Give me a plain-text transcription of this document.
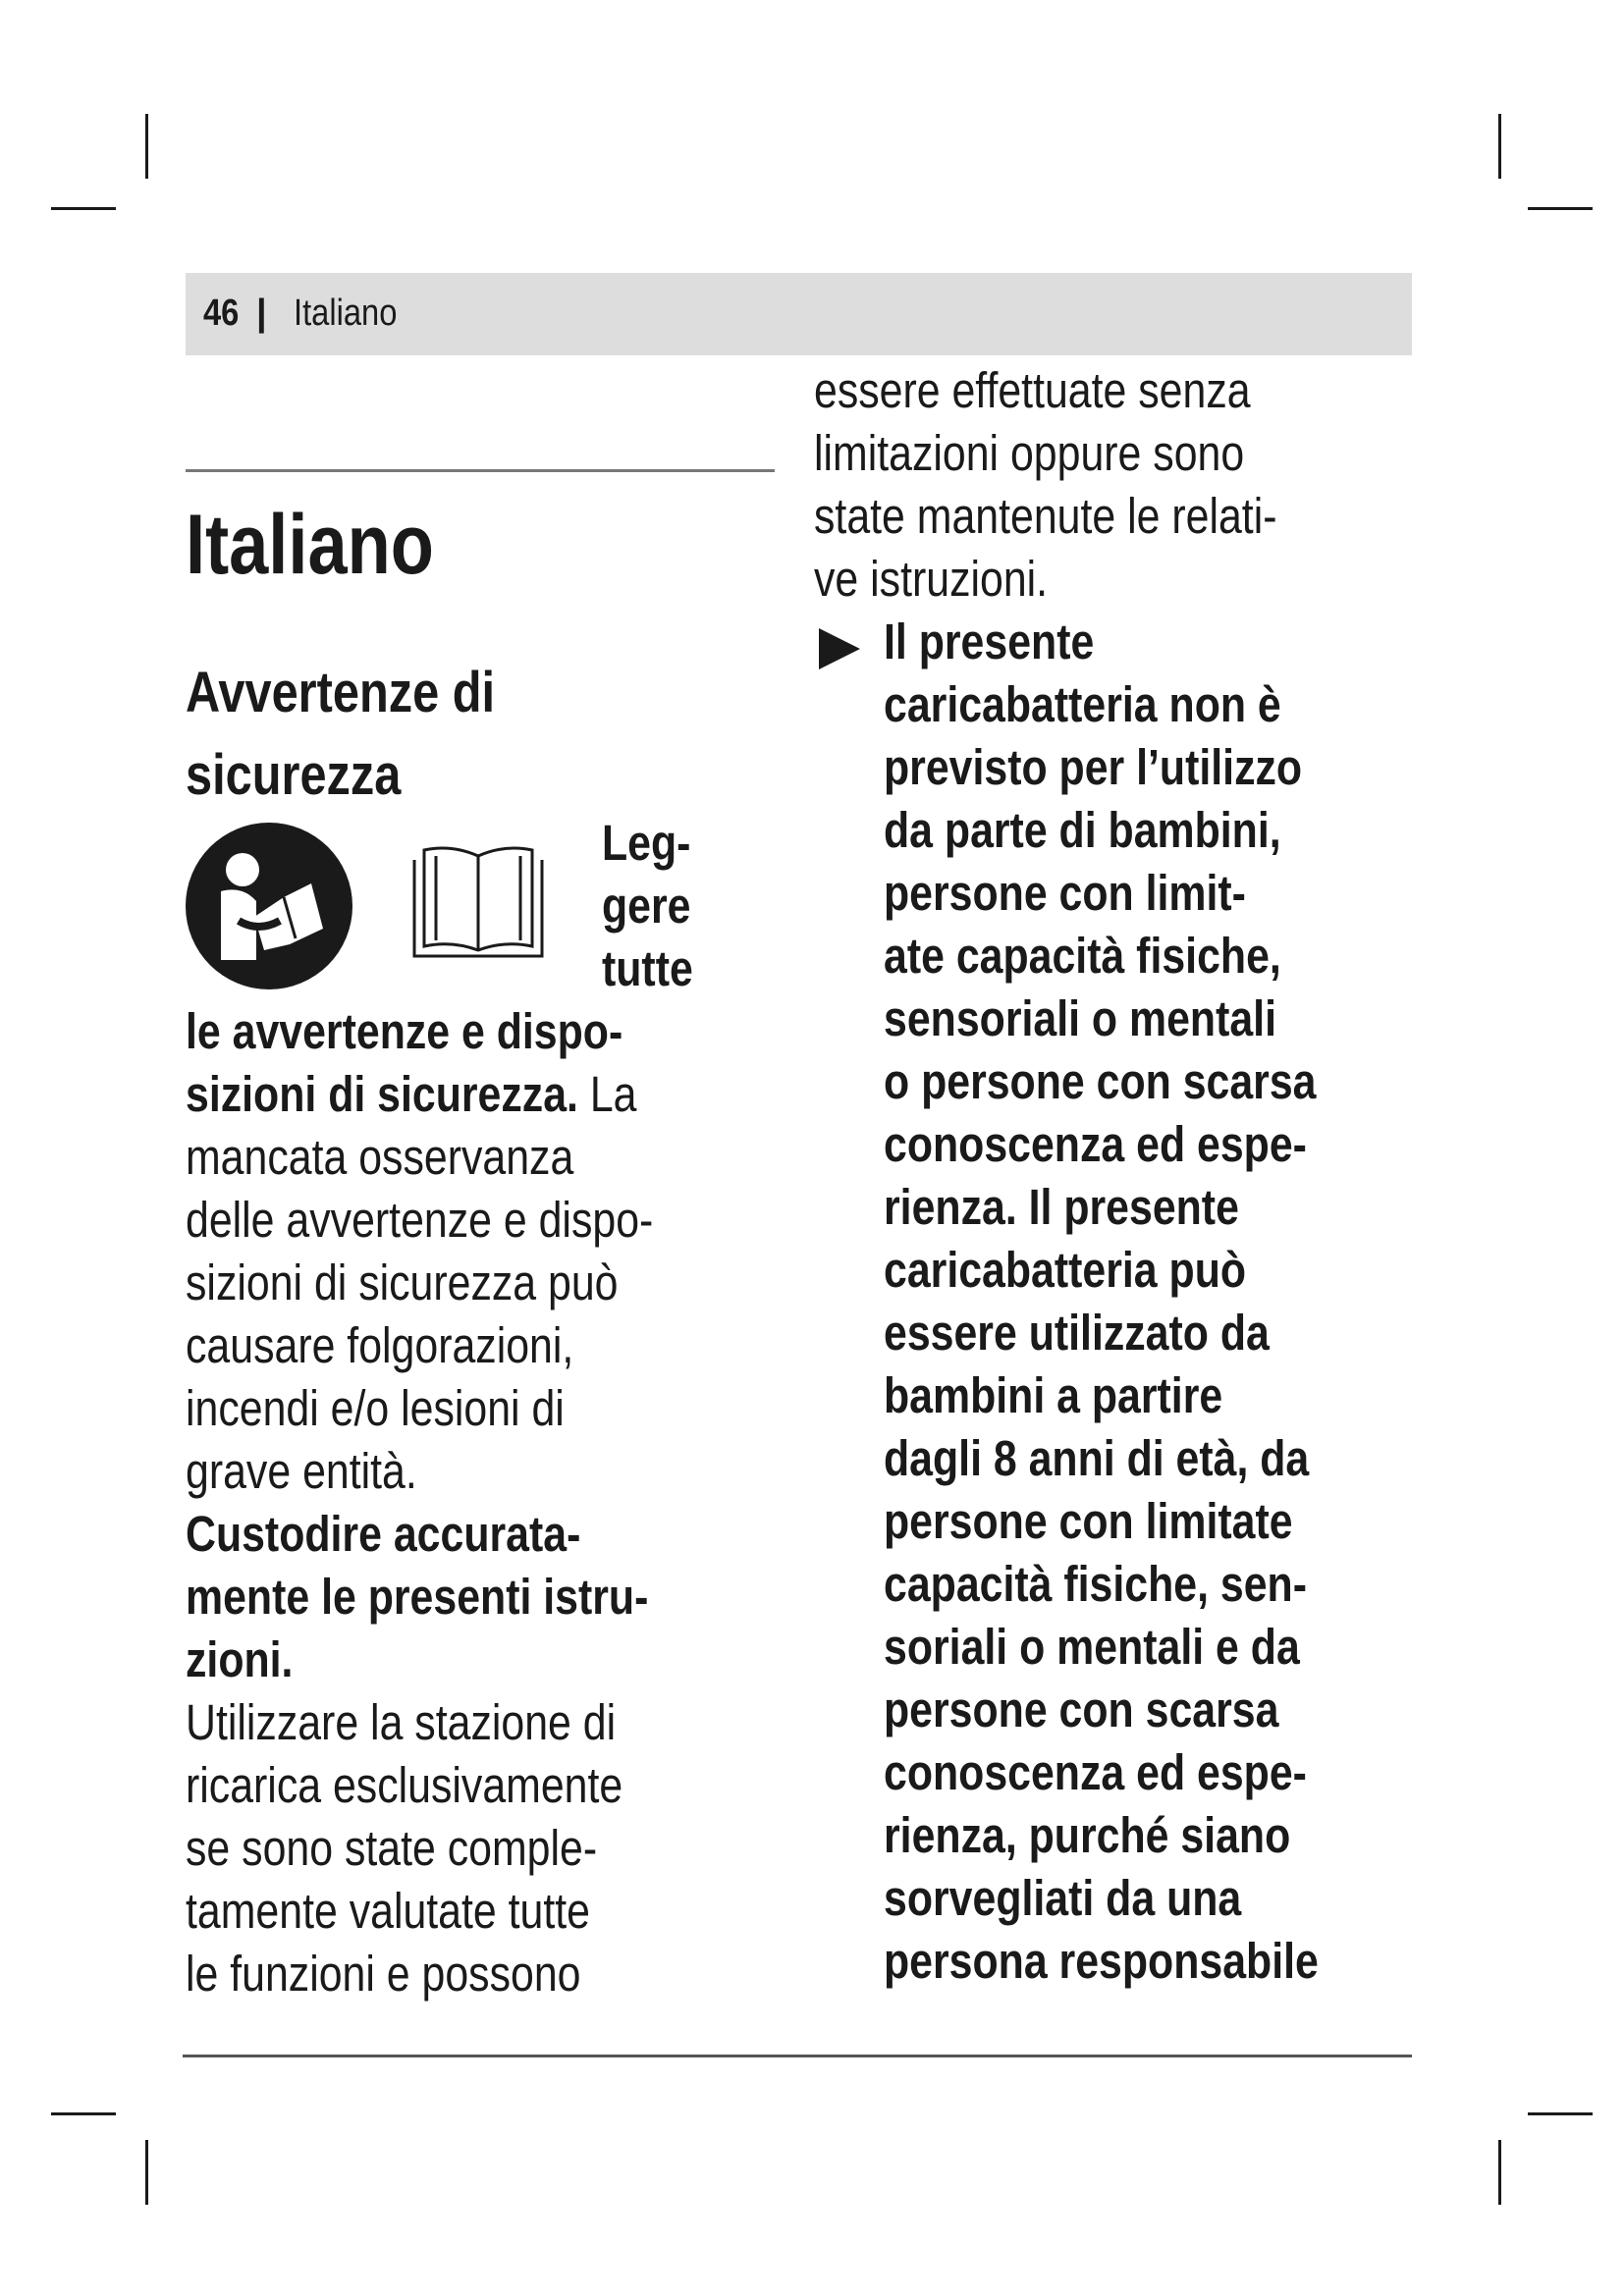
46 | Italiano
Italiano
Avvertenze di
sicurezza
Leg-
gere
tutte
le avvertenze e dispo-
sizioni di sicurezza. La
mancata osservanza
delle avvertenze e dispo-
sizioni di sicurezza può
causare folgorazioni,
incendi e/o lesioni di
grave entità.
Custodire accurata-
mente le presenti istru-
zioni.
Utilizzare la stazione di
ricarica esclusivamente
se sono state comple-
tamente valutate tutte
le funzioni e possono
essere effettuate senza
limitazioni oppure sono
state mantenute le relati-
ve istruzioni.
Il presente
caricabatteria non è
previsto per l’utilizzo
da parte di bambini,
persone con limit-
ate capacità fisiche,
sensoriali o mentali
o persone con scarsa
conoscenza ed espe-
rienza. Il presente
caricabatteria può
essere utilizzato da
bambini a partire
dagli 8 anni di età, da
persone con limitate
capacità fisiche, sen-
soriali o mentali e da
persone con scarsa
conoscenza ed espe-
rienza, purché siano
sorvegliati da una
persona responsabile
